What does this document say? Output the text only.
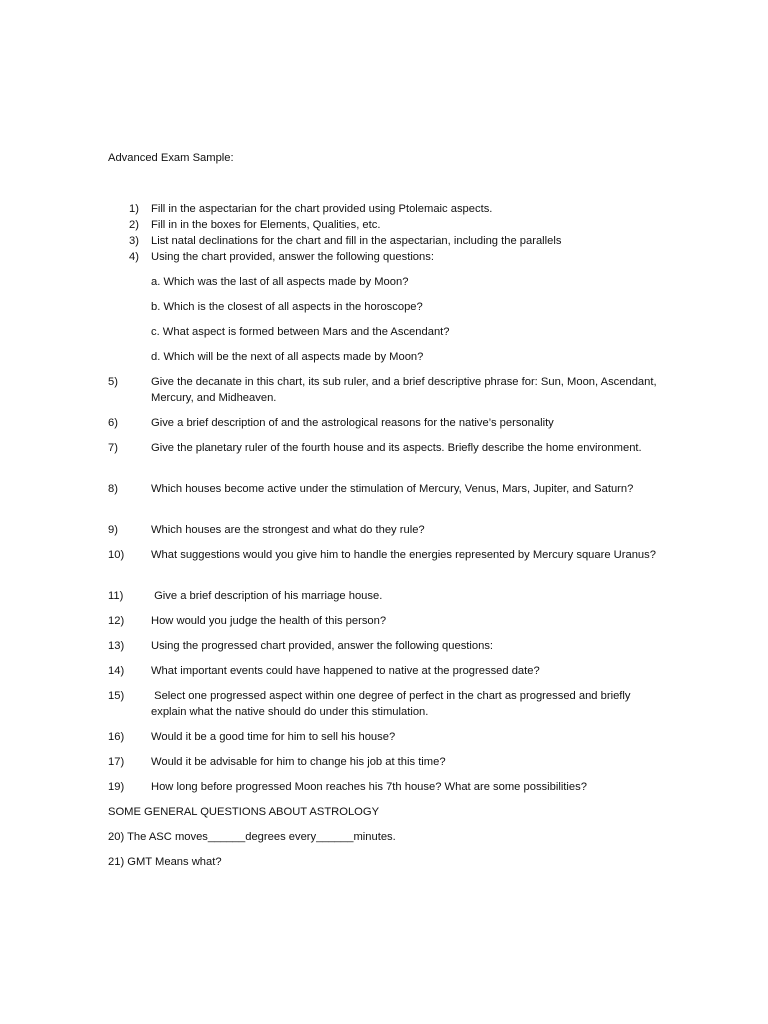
Advanced Exam Sample:
1)	Fill in the aspectarian for the chart provided using Ptolemaic aspects.
2)	Fill in in the boxes for Elements, Qualities, etc.
3)	List natal declinations for the chart and fill in the aspectarian, including the parallels
4)	Using the chart provided, answer the following questions:
a. Which was the last of all aspects made by Moon?
b. Which is the closest of all aspects in the horoscope?
c. What aspect is formed between Mars and the Ascendant?
d. Which will be the next of all aspects made by Moon?
5)	Give the decanate in this chart, its sub ruler, and a brief descriptive phrase for: Sun, Moon, Ascendant, Mercury, and Midheaven.
6)	Give a brief description of and the astrological reasons for the native’s personality
7)	Give the planetary ruler of the fourth house and its aspects. Briefly describe the home environment.
8)	Which houses become active under the stimulation of Mercury, Venus, Mars, Jupiter, and Saturn?
9)	Which houses are the strongest and what do they rule?
10)	What suggestions would you give him to handle the energies represented by Mercury square Uranus?
11)	Give a brief description of his marriage house.
12)	How would you judge the health of this person?
13)	Using the progressed chart provided, answer the following questions:
14)	What important events could have happened to native at the progressed date?
15)	Select one progressed aspect within one degree of perfect in the chart as progressed and briefly explain what the native should do under this stimulation.
16)	Would it be a good time for him to sell his house?
17)	Would it be advisable for him to change his job at this time?
19)	How long before progressed Moon reaches his 7th house? What are some possibilities?
SOME GENERAL QUESTIONS ABOUT ASTROLOGY
20) The ASC moves______degrees every______minutes.
21) GMT Means what?
